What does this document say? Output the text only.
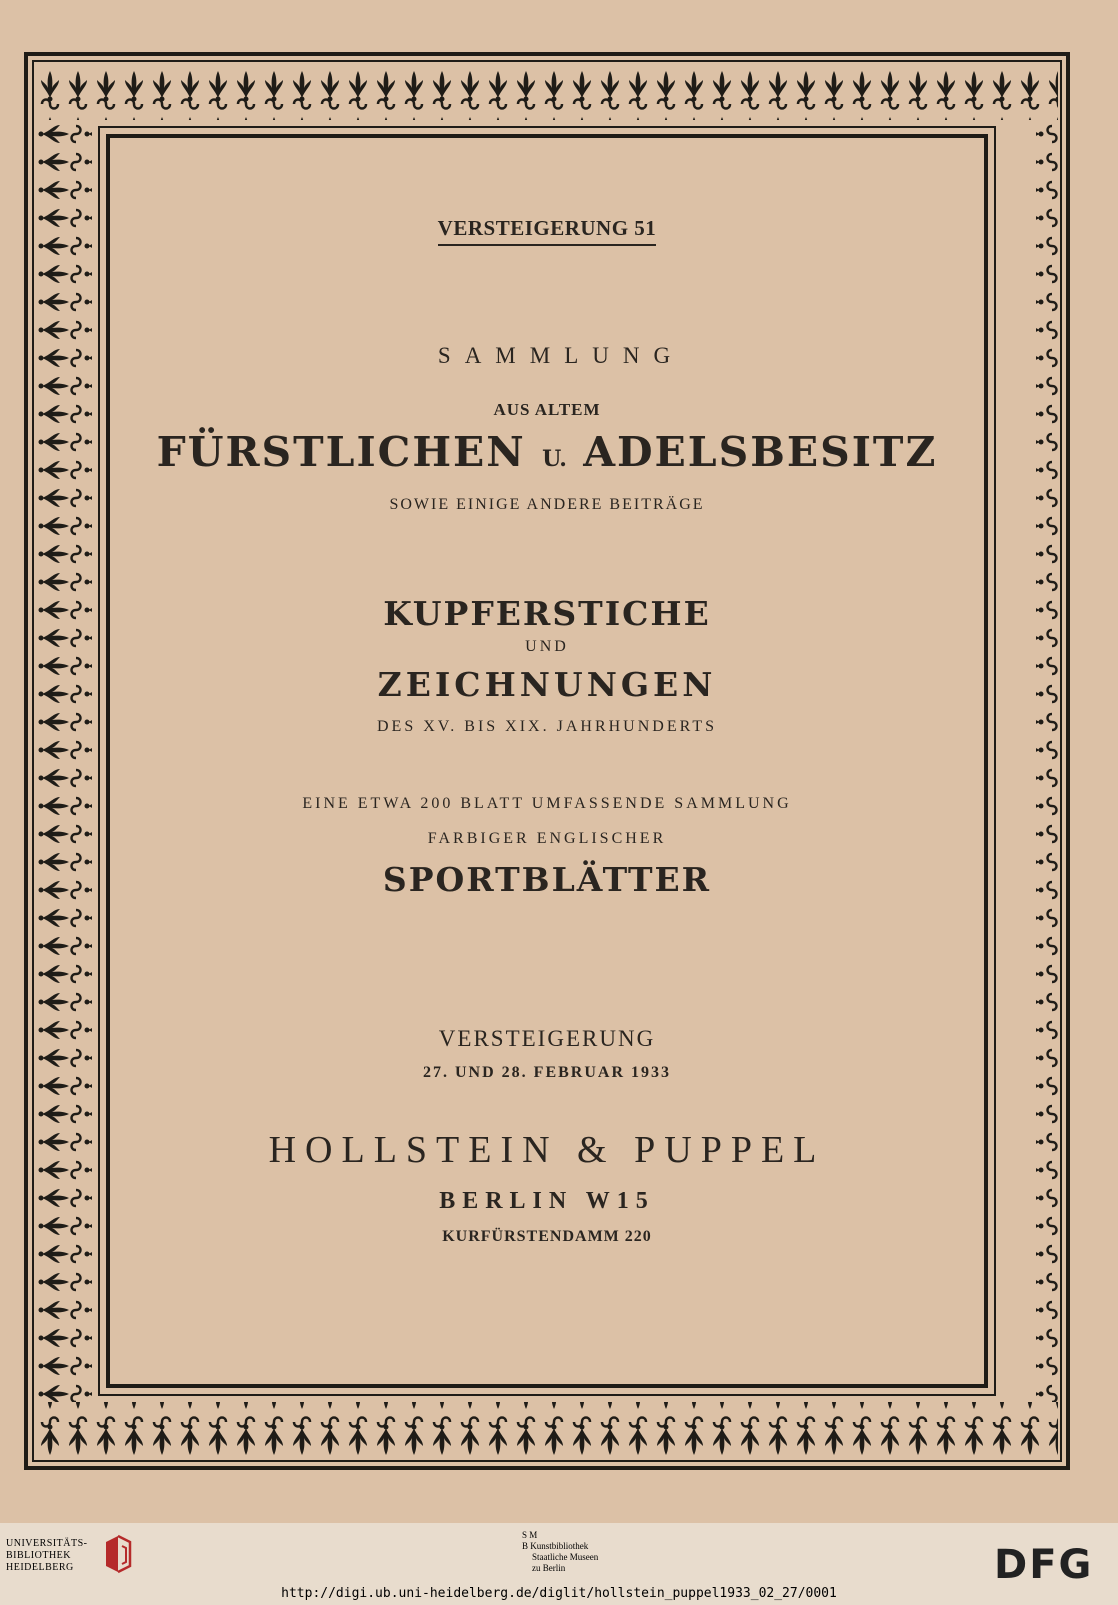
VERSTEIGERUNG 51
SAMMLUNG
AUS ALTEM
FÜRSTLICHEN U. ADELSBESITZ
SOWIE EINIGE ANDERE BEITRÄGE
KUPFERSTICHE
UND
ZEICHNUNGEN
DES XV. BIS XIX. JAHRHUNDERTS
EINE ETWA 200 BLATT UMFASSENDE SAMMLUNG
FARBIGER ENGLISCHER
SPORTBLÄTTER
VERSTEIGERUNG
27. UND 28. FEBRUAR 1933
HOLLSTEIN & PUPPEL
BERLIN W15
KURFÜRSTENDAMM 220
UNIVERSITÄTS-
BIBLIOTHEK
HEIDELBERG
S M
B Kunstbibliothek
Staatliche Museen
zu Berlin	DFG
http://digi.ub.uni-heidelberg.de/diglit/hollstein_puppel1933_02_27/0001
